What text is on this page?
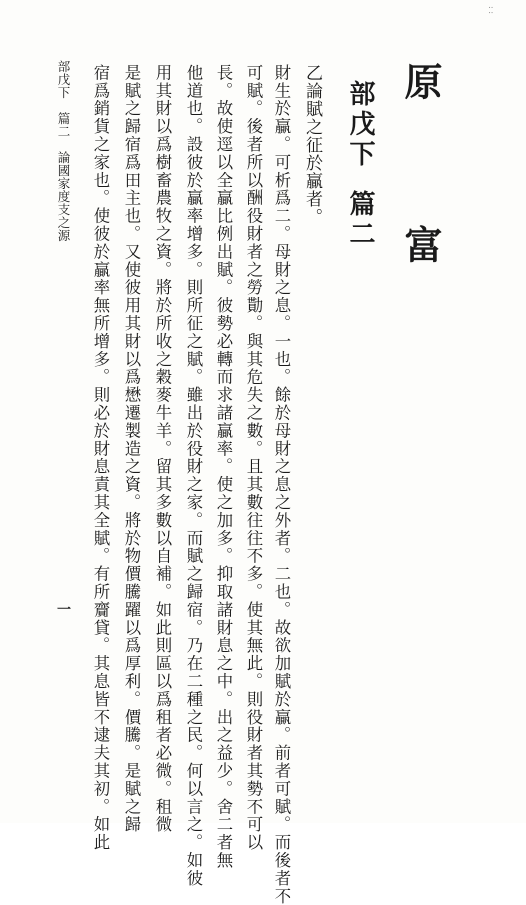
: :
原 富
部戊下篇二
乙論賦之征於贏者。
財生於贏。可析爲二。母財之息。一也。餘於母財之息之外者。二也。故欲加賦於贏。前者可賦。而後者不
可賦。後者所以酬役財者之勞勩。與其危失之數。且其數往往不多。使其無此。則役財者其勢不可以
長。故使逕以全贏比例出賦。彼勢必轉而求諸贏率。使之加多。抑取諸財息之中。出之益少。舍二者無
他道也。設彼於贏率增多。則所征之賦。雖出於役財之家。而賦之歸宿。乃在二種之民。何以言之。如彼
用其財以爲樹畜農牧之資。將於所收之穀麥牛羊。留其多數以自補。如此則區以爲租者必微。租微
是賦之歸宿爲田主也。又使彼用其財以爲懋遷製造之資。將於物價騰躍以爲厚利。價騰。是賦之歸
宿爲銷貨之家也。使彼於贏率無所增多。則必於財息責其全賦。有所齎貸。其息皆不逮夫其初。如此
部戊下　篇二　論國家度支之源
一
